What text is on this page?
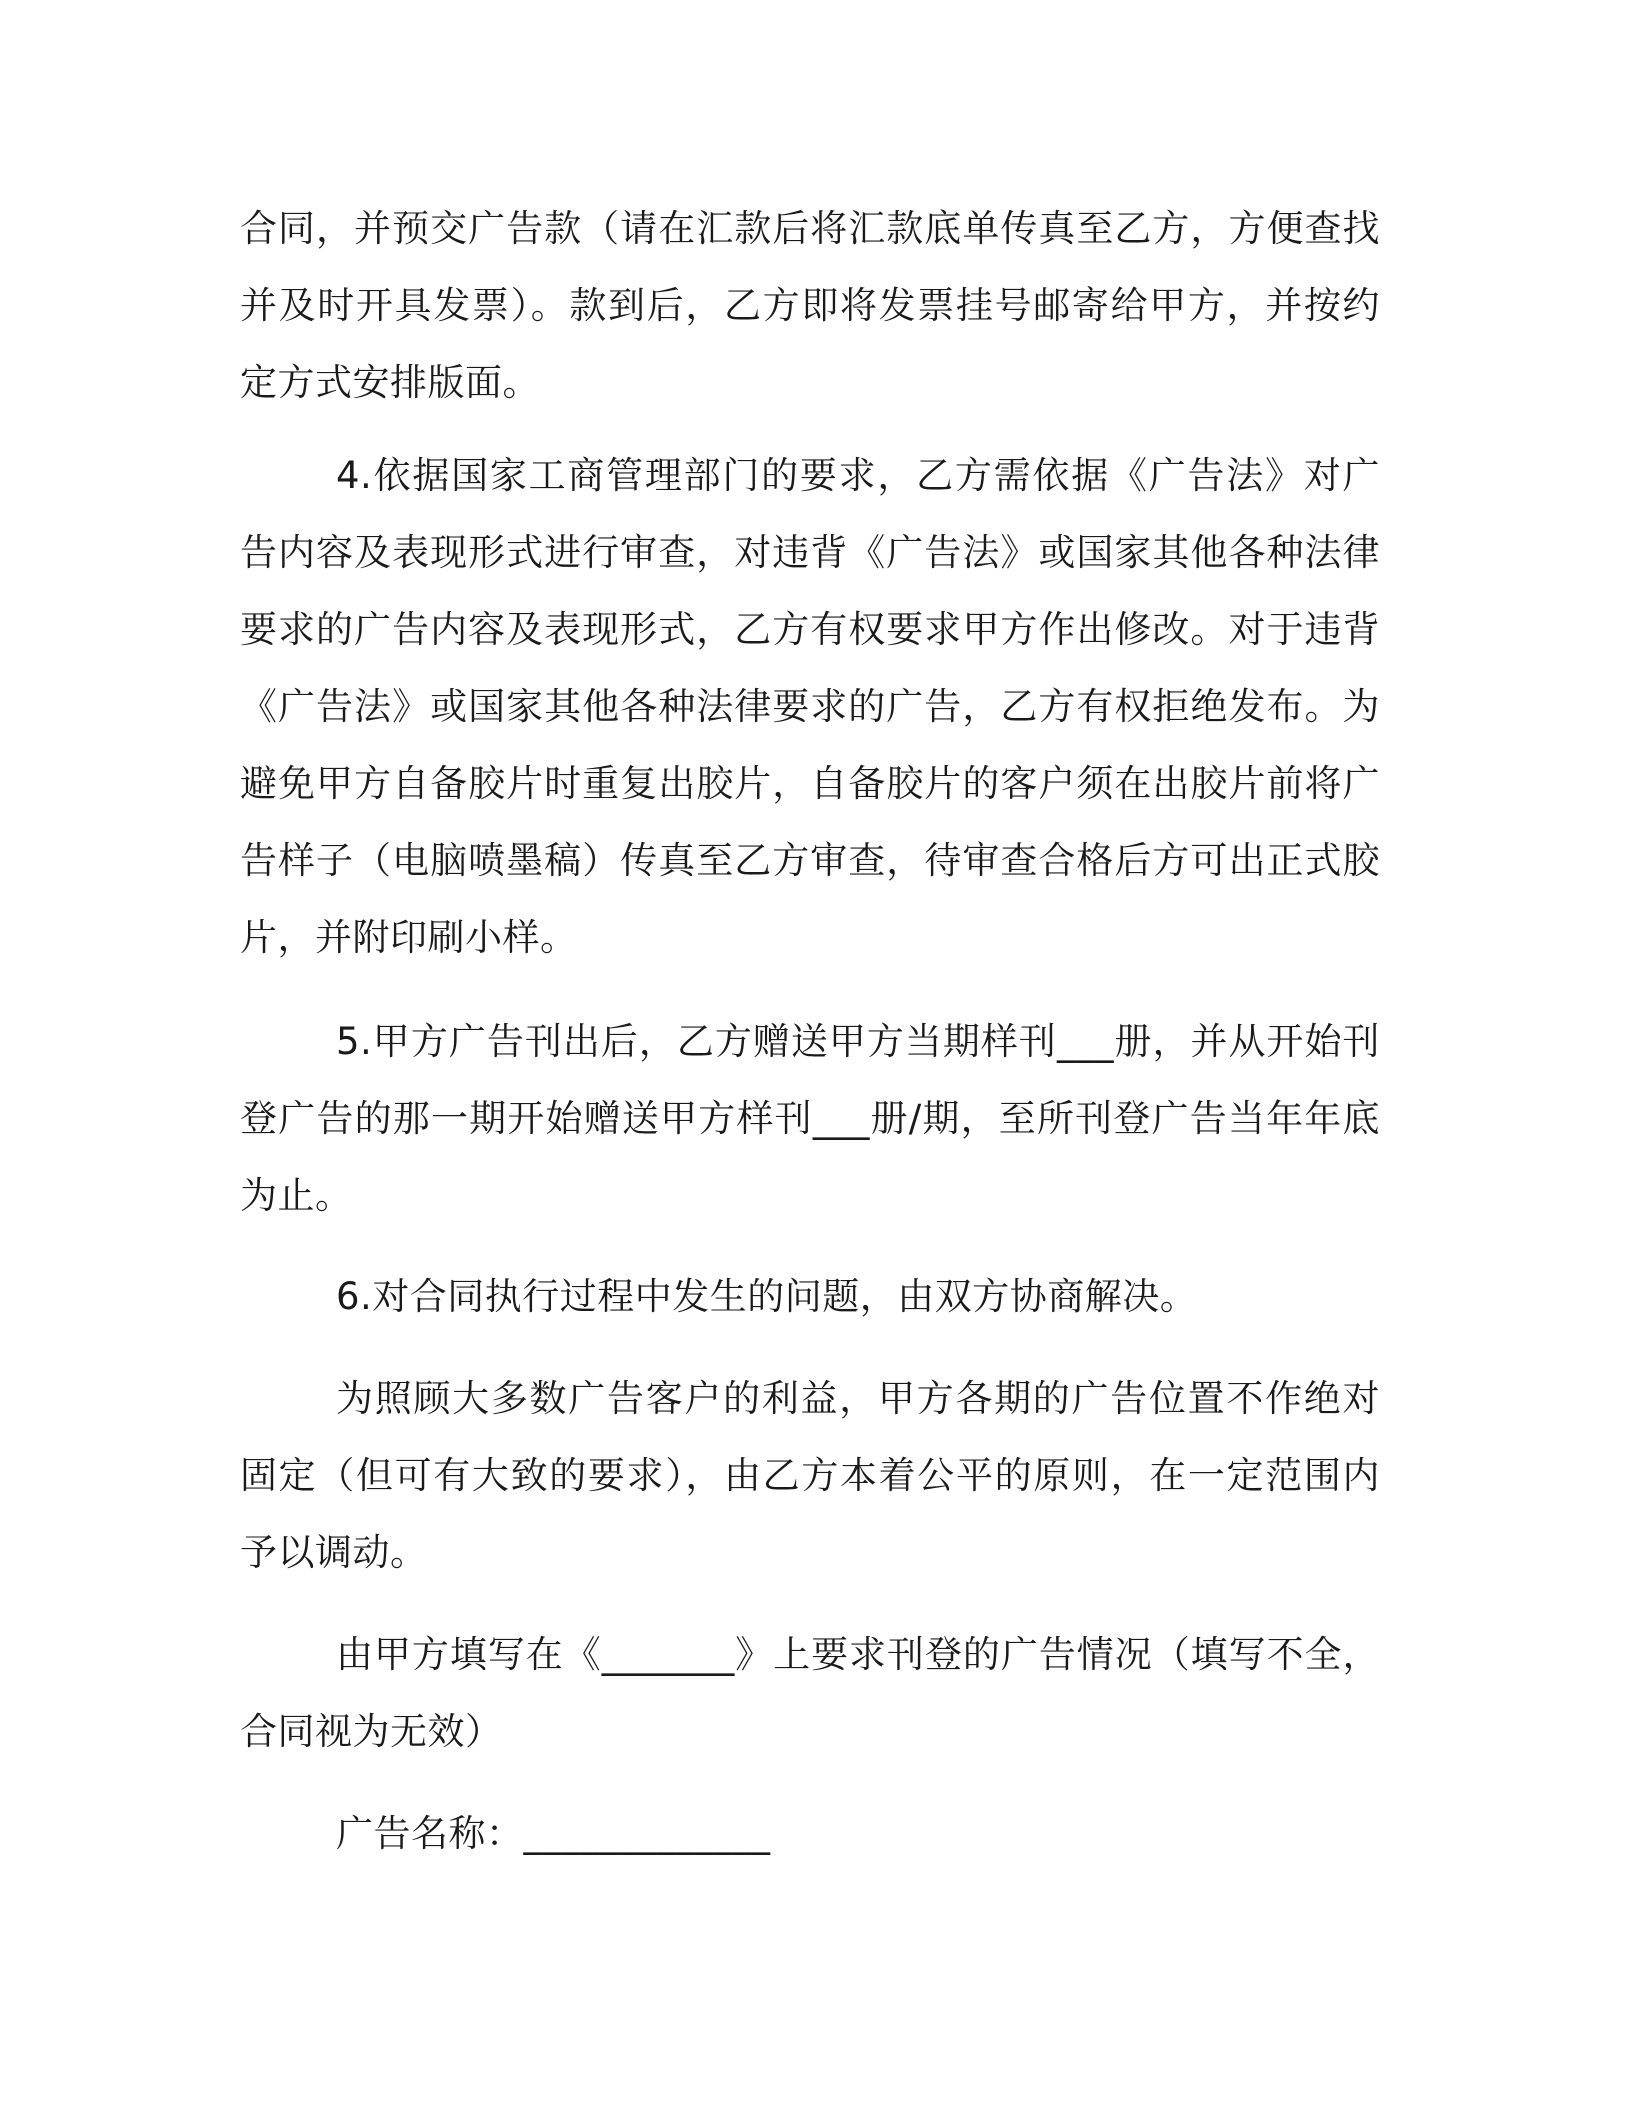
合同，并预交广告款（请在汇款后将汇款底单传真至乙方，方便查找并及时开具发票）。款到后，乙方即将发票挂号邮寄给甲方，并按约定方式安排版面。

4.依据国家工商管理部门的要求，乙方需依据《广告法》对广告内容及表现形式进行审查，对违背《广告法》或国家其他各种法律要求的广告内容及表现形式，乙方有权要求甲方作出修改。对于违背《广告法》或国家其他各种法律要求的广告，乙方有权拒绝发布。为避免甲方自备胶片时重复出胶片，自备胶片的客户须在出胶片前将广告样子（电脑喷墨稿）传真至乙方审查，待审查合格后方可出正式胶片，并附印刷小样。

5.甲方广告刊出后，乙方赠送甲方当期样刊___册，并从开始刊登广告的那一期开始赠送甲方样刊___册/期，至所刊登广告当年年底为止。

6.对合同执行过程中发生的问题，由双方协商解决。

为照顾大多数广告客户的利益，甲方各期的广告位置不作绝对固定（但可有大致的要求），由乙方本着公平的原则，在一定范围内予以调动。

由甲方填写在《_______》上要求刊登的广告情况（填写不全，合同视为无效）

广告名称：_____________
